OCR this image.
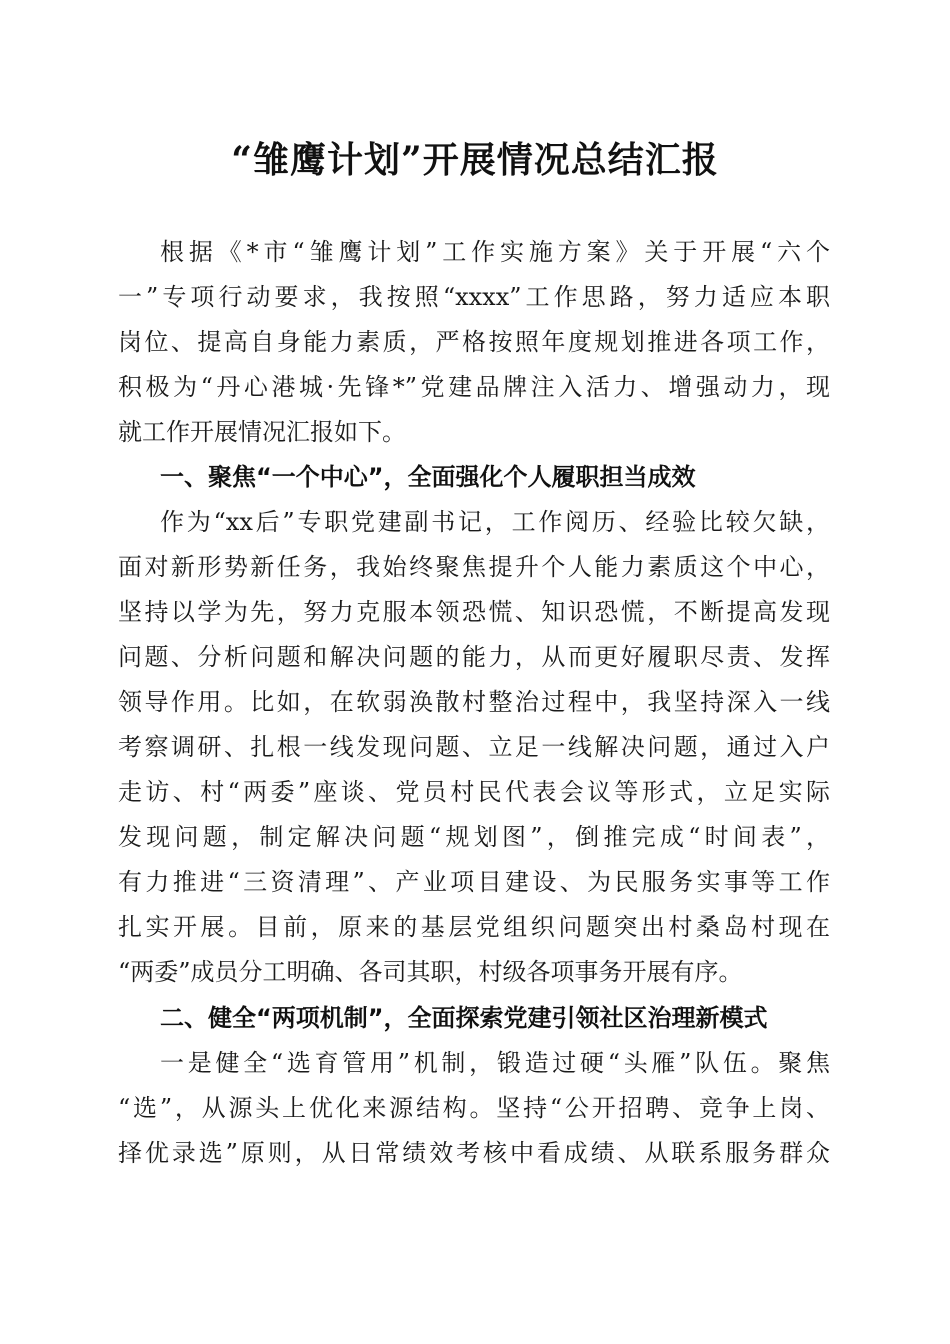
“雏鹰计划”开展情况总结汇报
根据《*市“雏鹰计划”工作实施方案》关于开展“六个
一”专项行动要求，我按照“xxxx”工作思路，努力适应本职
岗位、提高自身能力素质，严格按照年度规划推进各项工作，
积极为“丹心港城·先锋*”党建品牌注入活力、增强动力，现
就工作开展情况汇报如下。
一、聚焦“一个中心”，全面强化个人履职担当成效
作为“xx后”专职党建副书记，工作阅历、经验比较欠缺，
面对新形势新任务，我始终聚焦提升个人能力素质这个中心，
坚持以学为先，努力克服本领恐慌、知识恐慌，不断提高发现
问题、分析问题和解决问题的能力，从而更好履职尽责、发挥
领导作用。比如，在软弱涣散村整治过程中，我坚持深入一线
考察调研、扎根一线发现问题、立足一线解决问题，通过入户
走访、村“两委”座谈、党员村民代表会议等形式，立足实际
发现问题，制定解决问题“规划图”，倒推完成“时间表”，
有力推进“三资清理”、产业项目建设、为民服务实事等工作
扎实开展。目前，原来的基层党组织问题突出村桑岛村现在
“两委”成员分工明确、各司其职，村级各项事务开展有序。
二、健全“两项机制”，全面探索党建引领社区治理新模式
一是健全“选育管用”机制，锻造过硬“头雁”队伍。聚焦
“选”，从源头上优化来源结构。坚持“公开招聘、竞争上岗、
择优录选”原则，从日常绩效考核中看成绩、从联系服务群众
